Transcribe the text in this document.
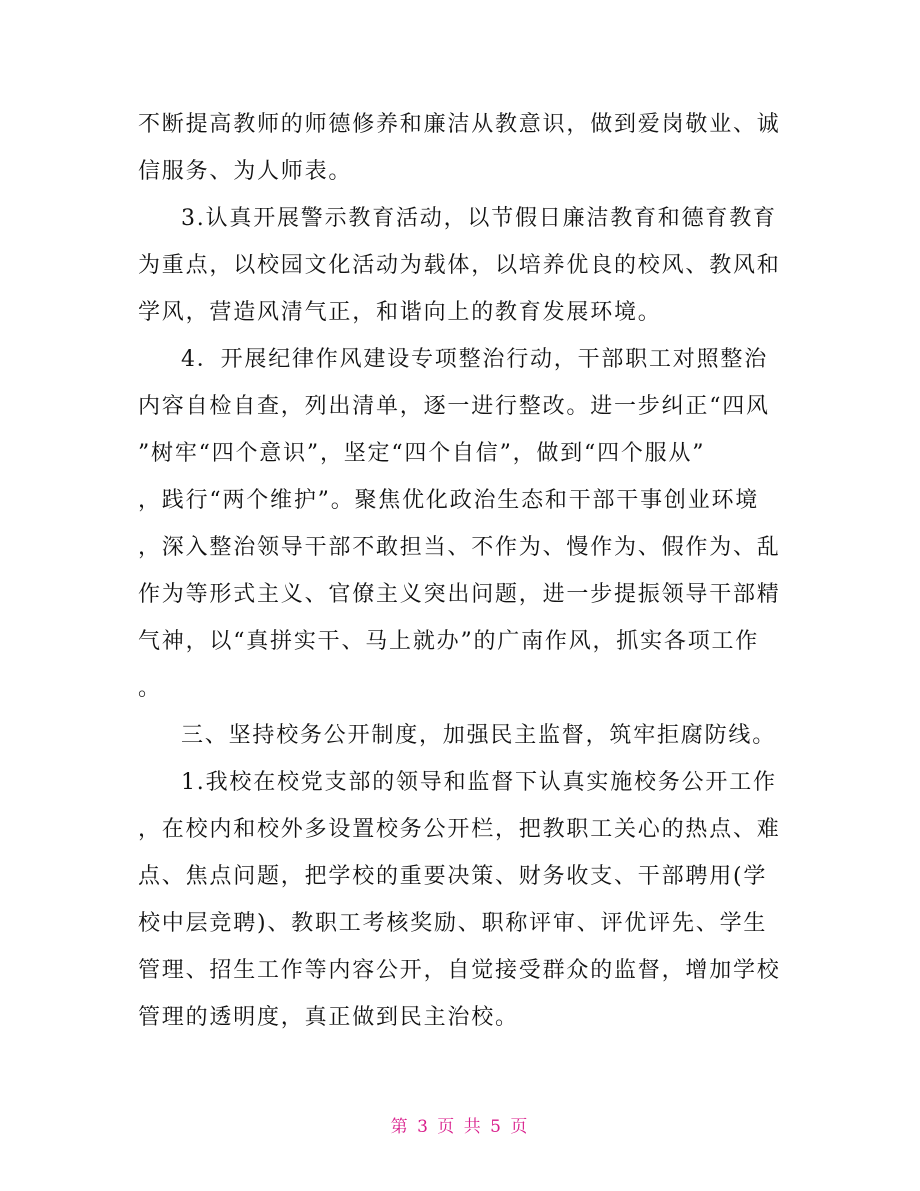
不断提高教师的师德修养和廉洁从教意识，做到爱岗敬业、诚
信服务、为人师表。
3.认真开展警示教育活动，以节假日廉洁教育和德育教育
为重点，以校园文化活动为载体，以培养优良的校风、教风和
学风，营造风清气正，和谐向上的教育发展环境。
4．开展纪律作风建设专项整治行动，干部职工对照整治
内容自检自查，列出清单，逐一进行整改。进一步纠正“四风
”树牢“四个意识”，坚定“四个自信”，做到“四个服从”
，践行“两个维护”。聚焦优化政治生态和干部干事创业环境
，深入整治领导干部不敢担当、不作为、慢作为、假作为、乱
作为等形式主义、官僚主义突出问题，进一步提振领导干部精
气神，以“真拼实干、马上就办”的广南作风，抓实各项工作
。
三、坚持校务公开制度，加强民主监督，筑牢拒腐防线。
1.我校在校党支部的领导和监督下认真实施校务公开工作
，在校内和校外多设置校务公开栏，把教职工关心的热点、难
点、焦点问题，把学校的重要决策、财务收支、干部聘用(学
校中层竞聘)、教职工考核奖励、职称评审、评优评先、学生
管理、招生工作等内容公开，自觉接受群众的监督，增加学校
管理的透明度，真正做到民主治校。
第 3 页 共 5 页
